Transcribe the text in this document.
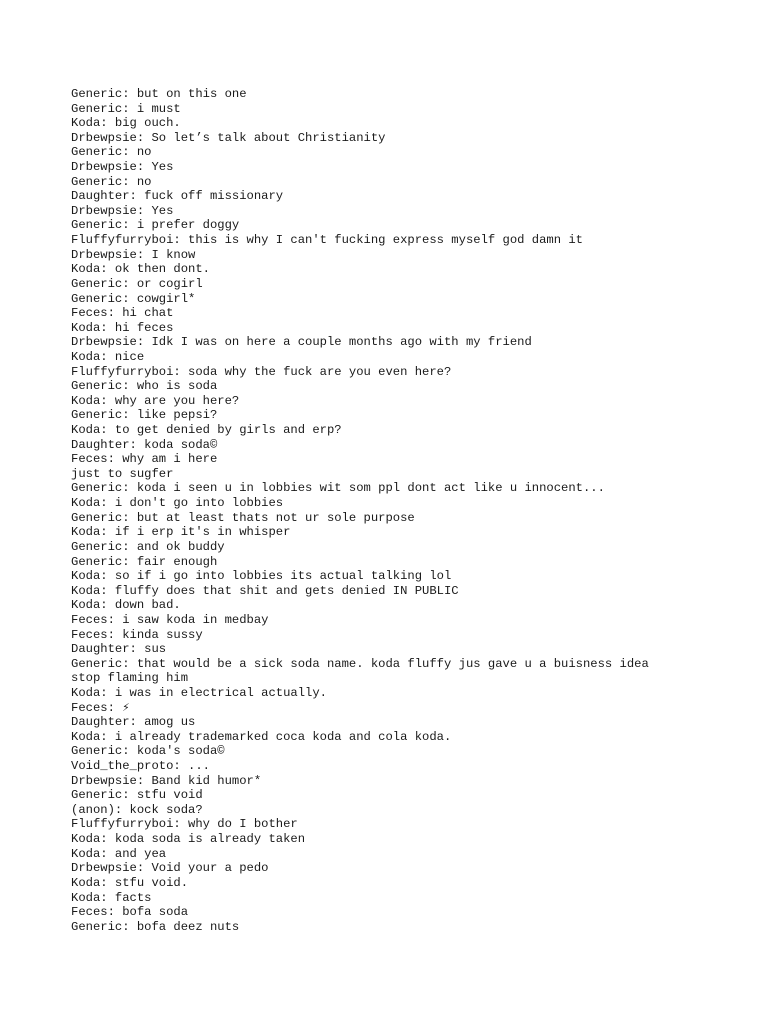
Generic: but on this one
Generic: i must
Koda: big ouch.
Drbewpsie: So let’s talk about Christianity
Generic: no
Drbewpsie: Yes
Generic: no
Daughter: fuck off missionary
Drbewpsie: Yes
Generic: i prefer doggy
Fluffyfurryboi: this is why I can't fucking express myself god damn it
Drbewpsie: I know
Koda: ok then dont.
Generic: or cogirl
Generic: cowgirl*
Feces: hi chat
Koda: hi feces
Drbewpsie: Idk I was on here a couple months ago with my friend
Koda: nice
Fluffyfurryboi: soda why the fuck are you even here?
Generic: who is soda
Koda: why are you here?
Generic: like pepsi?
Koda: to get denied by girls and erp?
Daughter: koda soda©
Feces: why am i here
just to sugfer
Generic: koda i seen u in lobbies wit som ppl dont act like u innocent...
Koda: i don't go into lobbies
Generic: but at least thats not ur sole purpose
Koda: if i erp it's in whisper
Generic: and ok buddy
Generic: fair enough
Koda: so if i go into lobbies its actual talking lol
Koda: fluffy does that shit and gets denied IN PUBLIC
Koda: down bad.
Feces: i saw koda in medbay
Feces: kinda sussy
Daughter: sus
Generic: that would be a sick soda name. koda fluffy jus gave u a buisness idea
stop flaming him
Koda: i was in electrical actually.
Feces: ⚡
Daughter: amog us
Koda: i already trademarked coca koda and cola koda.
Generic: koda's soda©
Void_the_proto: ...
Drbewpsie: Band kid humor*
Generic: stfu void
(anon): kock soda?
Fluffyfurryboi: why do I bother
Koda: koda soda is already taken
Koda: and yea
Drbewpsie: Void your a pedo
Koda: stfu void.
Koda: facts
Feces: bofa soda
Generic: bofa deez nuts
